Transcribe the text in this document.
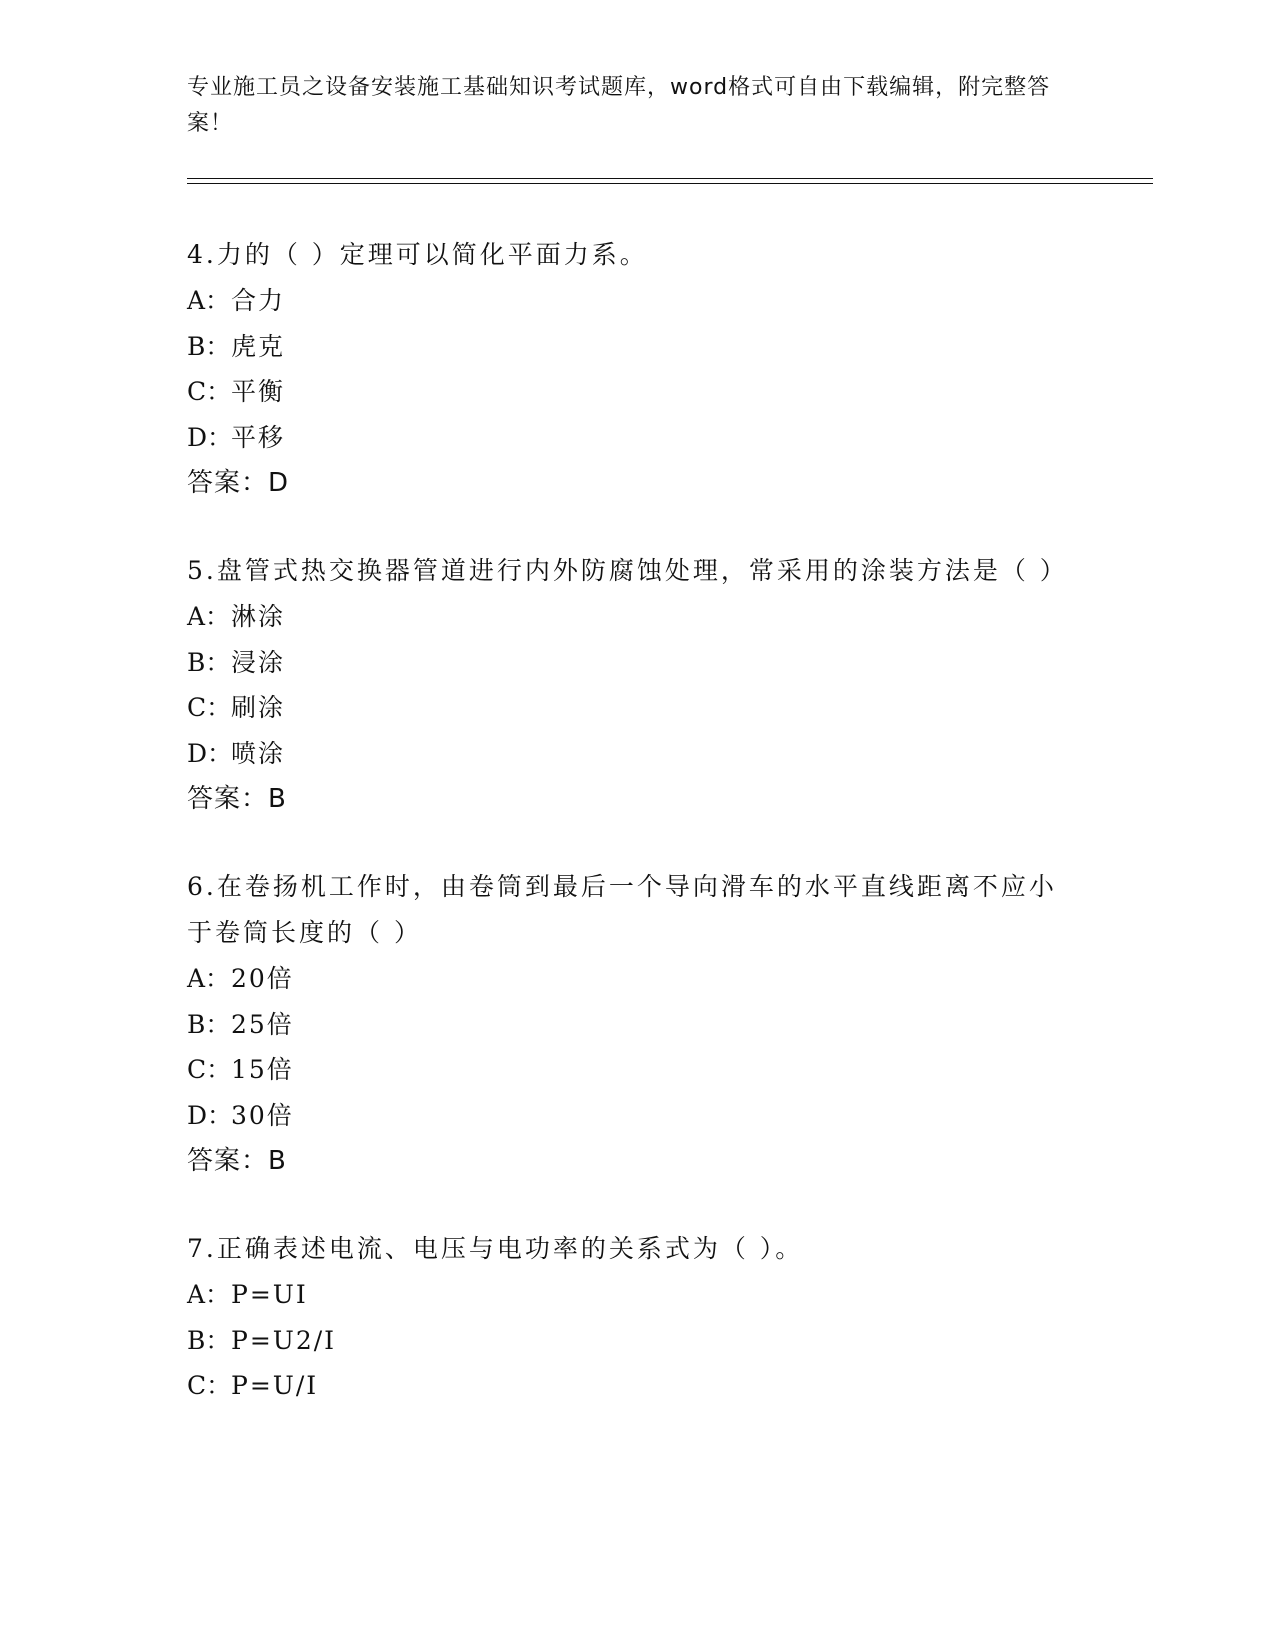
专业施工员之设备安装施工基础知识考试题库，word格式可自由下载编辑，附完整答案！

4.力的（ ）定理可以简化平面力系。

A：合力
B：虎克
C：平衡
D：平移
答案：D

5.盘管式热交换器管道进行内外防腐蚀处理，常采用的涂装方法是（ ）

A：淋涂
B：浸涂
C：刷涂
D：喷涂
答案：B

6.在卷扬机工作时，由卷筒到最后一个导向滑车的水平直线距离不应小于卷筒长度的（ ）

A：20倍
B：25倍
C：15倍
D：30倍
答案：B

7.正确表述电流、电压与电功率的关系式为（ ）。

A：P=UI
B：P=U2/I
C：P=U/I
